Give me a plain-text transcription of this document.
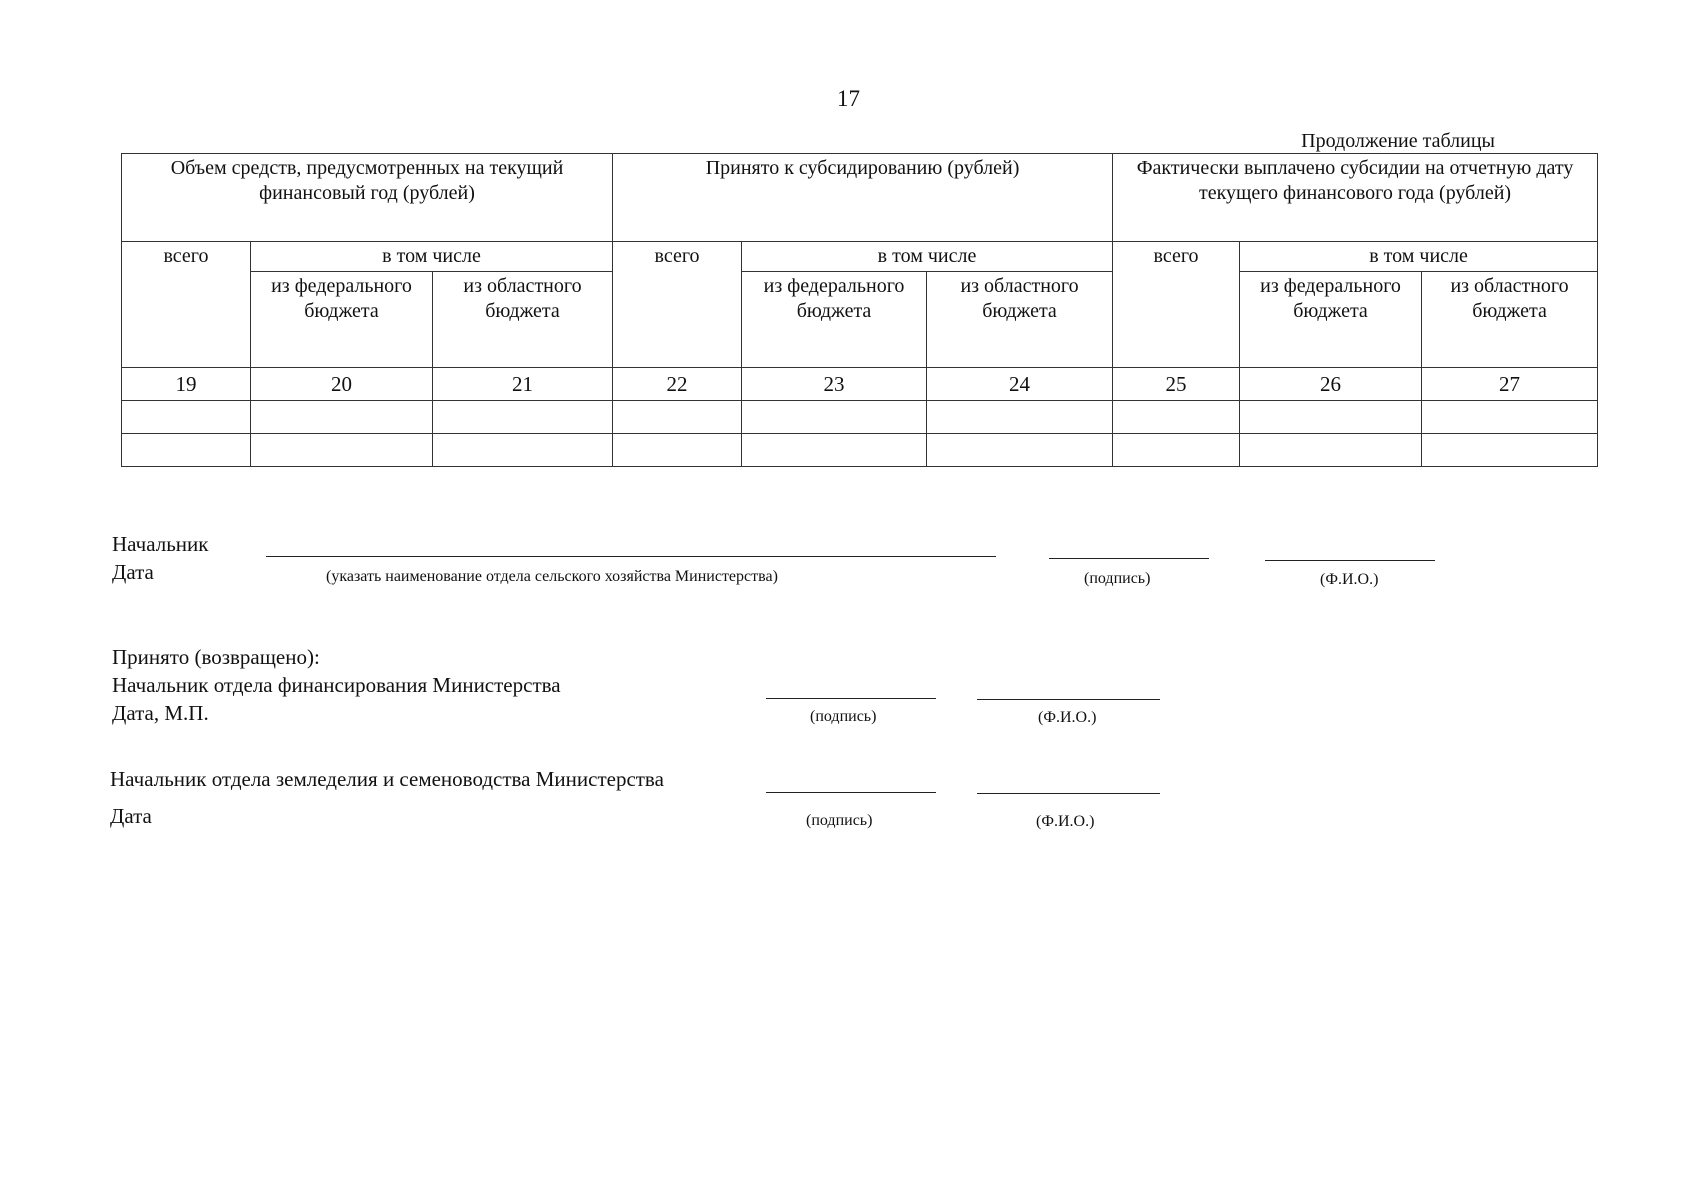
17
Продолжение таблицы
Объем средств, предусмотренных на текущий финансовый год (рублей)			Принято к субсидированию (рублей)			Фактически выплачено субсидии на отчетную дату текущего финансового года (рублей)		
всего	в том числе		всего	в том числе		всего	в том числе	
	из федерального бюджета	из областного бюджета		из федерального бюджета	из областного бюджета		из федерального бюджета	из областного бюджета
19	20	21	22	23	24	25	26	27

Начальник
Дата	(указать наименование отдела сельского хозяйства Министерства)	(подпись)	(Ф.И.О.)
Принято (возвращено):
Начальник отдела финансирования Министерства
Дата, М.П.	(подпись)	(Ф.И.О.)
Начальник отдела земледелия и семеноводства Министерства
Дата	(подпись)	(Ф.И.О.)
